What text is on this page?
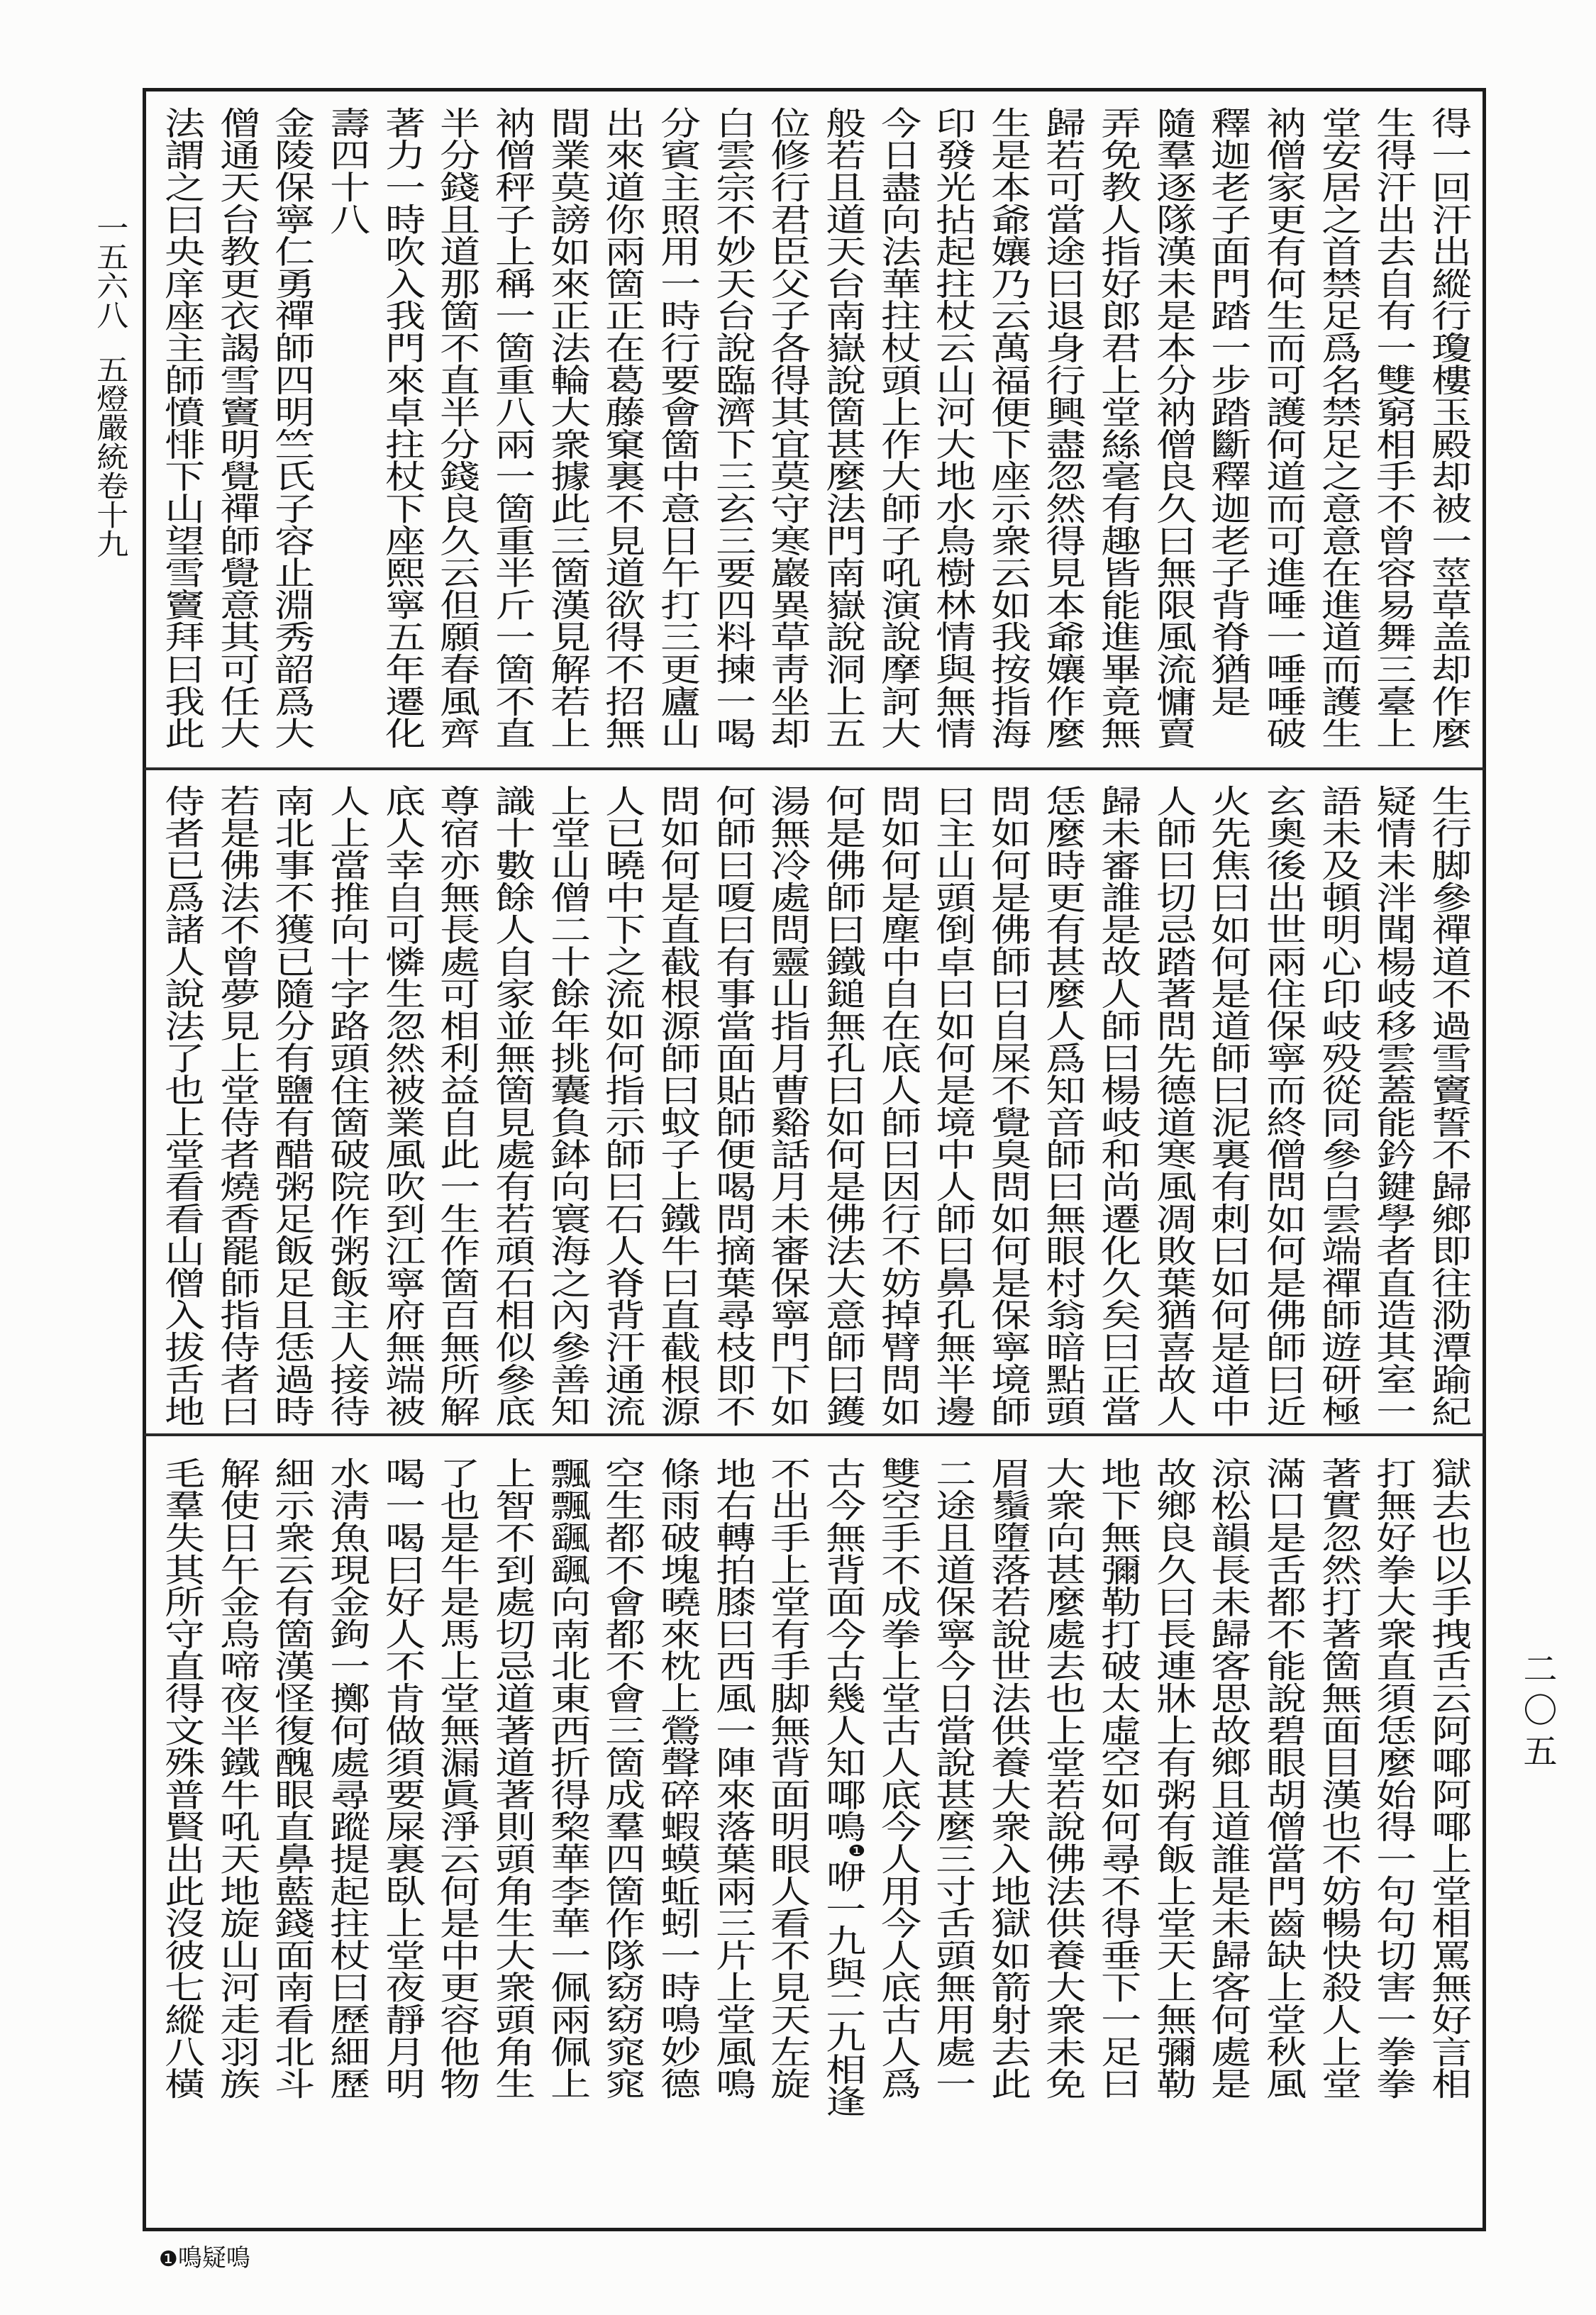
一五六八
五燈嚴統卷十九	得一回汗出縱行瓊樓玉殿却被一莖草盖却作麼
生得汗出去自有一雙窮相手不曾容易舞三臺上
堂安居之首禁足爲名禁足之意意在進道而護生
衲僧家更有何生而可護何道而可進唾一唾唾破
釋迦老子面門踏一步踏斷釋迦老子背脊猶是
隨羣逐隊漢未是本分衲僧良久曰無限風流慵賣
弄免教人指好郎君上堂絲毫有趣皆能進畢竟無
歸若可當途曰退身行興盡忽然得見本爺孃作麼
生是本爺孃乃云萬福便下座示衆云如我按指海
印發光拈起拄杖云山河大地水鳥樹林情與無情
今日盡向法華拄杖頭上作大師子吼演說摩訶大
般若且道天台南嶽說箇甚麼法門南嶽說洞上五
位修行君臣父子各得其宜莫守寒巖異草靑坐却
白雲宗不妙天台說臨濟下三玄三要四料揀一喝
分賓主照用一時行要會箇中意日午打三更廬山
出來道你兩箇正在葛藤窠裏不見道欲得不招無
間業莫謗如來正法輪大衆據此三箇漢見解若上
衲僧秤子上稱一箇重八兩一箇重半斤一箇不直
半分錢且道那箇不直半分錢良久云但願春風齊
著力一時吹入我門來卓拄杖下座熙寧五年遷化
壽四十八
金陵保寧仁勇禪師四明竺氏子容止淵秀韶爲大
僧通天台教更衣謁雪竇明覺禪師覺意其可任大
法謂之曰央庠座主師憤悱下山望雪竇拜曰我此
生行脚參禪道不過雪竇誓不歸鄉即往泐潭踰紀
疑情未泮聞楊岐移雲蓋能鈐鍵學者直造其室一
語未及頓明心印岐殁從同參白雲端禪師遊研極
玄奧後出世兩住保寧而終僧問如何是佛師曰近
火先焦曰如何是道師曰泥裏有刺曰如何是道中
人師曰切忌踏著問先德道寒風凋敗葉猶喜故人
歸未審誰是故人師曰楊岐和尚遷化久矣曰正當
恁麼時更有甚麼人爲知音師曰無眼村翁暗點頭
問如何是佛師曰自屎不覺臭問如何是保寧境師
曰主山頭倒卓曰如何是境中人師曰鼻孔無半邊
問如何是塵中自在底人師曰因行不妨掉臂問如
何是佛師曰鐵鎚無孔曰如何是佛法大意師曰鑊
湯無冷處問靈山指月曹谿話月未審保寧門下如
何師曰嗄曰有事當面貼師便喝問摘葉尋枝即不
問如何是直截根源師曰蚊子上鐵牛曰直截根源
人已曉中下之流如何指示師曰石人脊背汗通流
上堂山僧二十餘年挑囊負鉢向寰海之內參善知
識十數餘人自家並無箇見處有若頑石相似參底
尊宿亦無長處可相利益自此一生作箇百無所解
底人幸自可憐生忽然被業風吹到江寧府無端被
人上當推向十字路頭住箇破院作粥飯主人接待
南北事不獲已隨分有鹽有醋粥足飯足且恁過時
若是佛法不曾夢見上堂侍者燒香罷師指侍者曰
侍者已爲諸人說法了也上堂看看山僧入拔舌地
獄去也以手拽舌云阿㖿阿㖿上堂相罵無好言相
打無好拳大衆直須恁麼始得一句句切害一拳拳
著實忽然打著箇無面目漢也不妨暢快殺人上堂
滿口是舌都不能說碧眼胡僧當門齒缺上堂秋風
涼松韻長未歸客思故鄉且道誰是未歸客何處是
故鄉良久曰長連牀上有粥有飯上堂天上無彌勒
地下無彌勒打破太虛空如何尋不得垂下一足曰
大衆向甚麼處去也上堂若說佛法供養大衆未免
眉鬚墮落若說世法供養大衆入地獄如箭射去此
二途且道保寧今日當說甚麼三寸舌頭無用處一
雙空手不成拳上堂古人底今人用今人底古人爲
古今無背面今古幾人知㖿鳴❶咿一九與二九相逢
不出手上堂有手脚無背面明眼人看不見天左旋
地右轉拍膝曰西風一陣來落葉兩三片上堂風鳴
條雨破塊曉來枕上鶯聲碎蝦蟆蚯蚓一時鳴妙德
空生都不會都不會三箇成羣四箇作隊窈窈窕窕
飄飄颻颻向南北東西折得棃華李華一佩兩佩上
上智不到處切忌道著道著則頭角生大衆頭角生
了也是牛是馬上堂無漏眞淨云何是中更容他物
喝一喝曰好人不肯做須要屎裏臥上堂夜靜月明
水淸魚現金鉤一擲何處尋蹤提起拄杖曰歷細歷
細示衆云有箇漢怪復醜眼直鼻藍錢面南看北斗
解使日午金烏啼夜半鐵牛吼天地旋山河走羽族
毛羣失其所守直得文殊普賢出此沒彼七縱八橫	二〇五
❶鳴疑鳴
